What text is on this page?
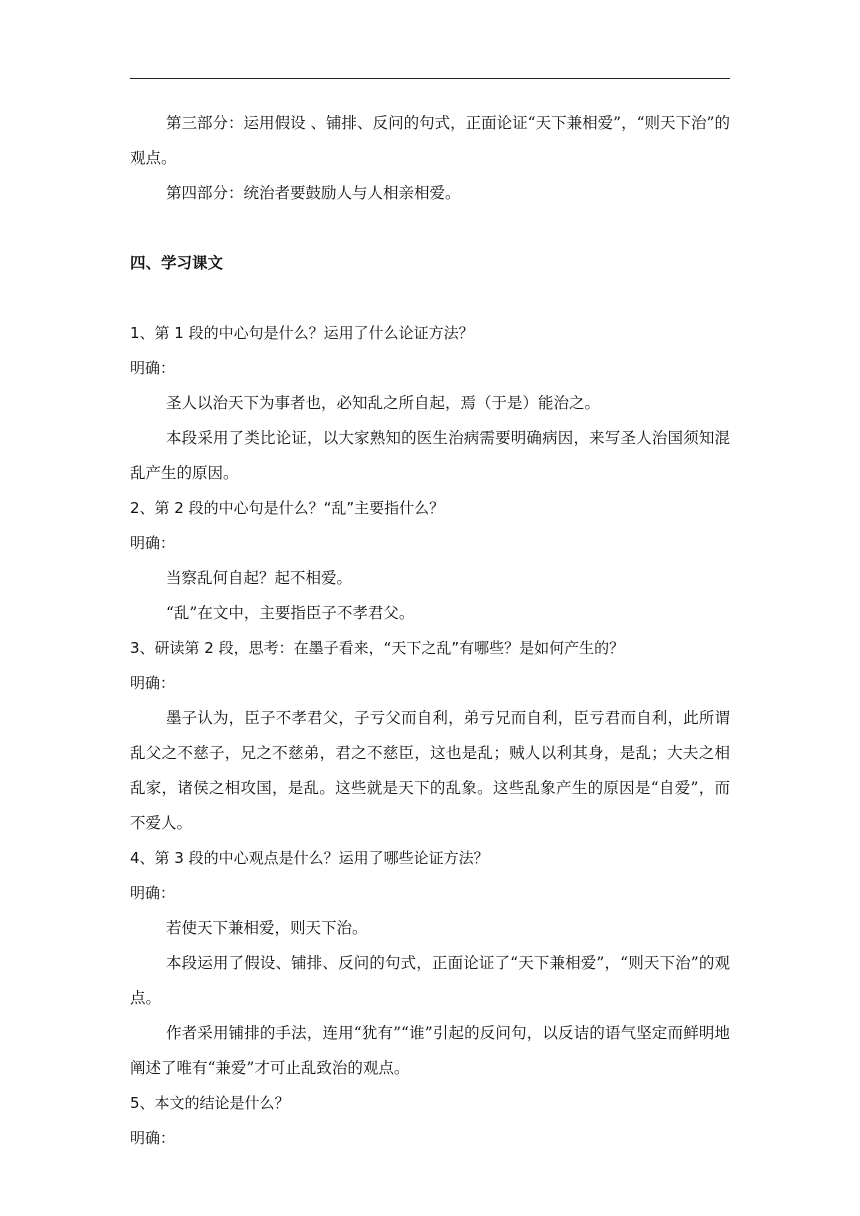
第三部分：运用假设 、铺排、反问的句式，正面论证“天下兼相爱”，“则天下治”的观点。

第四部分：统治者要鼓励人与人相亲相爱。

四、学习课文
1、第 1 段的中心句是什么？运用了什么论证方法？
明确：

圣人以治天下为事者也，必知乱之所自起，焉（于是）能治之。

本段采用了类比论证，以大家熟知的医生治病需要明确病因，来写圣人治国须知混乱产生的原因。

2、第 2 段的中心句是什么？“乱”主要指什么？
明确：

当察乱何自起？起不相爱。

“乱”在文中，主要指臣子不孝君父。

3、研读第 2 段，思考：在墨子看来，“天下之乱”有哪些？是如何产生的？
明确：

墨子认为，臣子不孝君父，子亏父而自利，弟亏兄而自利，臣亏君而自利，此所谓乱父之不慈子，兄之不慈弟，君之不慈臣，这也是乱；贼人以利其身，是乱；大夫之相乱家，诸侯之相攻国，是乱。这些就是天下的乱象。这些乱象产生的原因是“自爱”，而不爱人。

4、第 3 段的中心观点是什么？运用了哪些论证方法？
明确：

若使天下兼相爱，则天下治。

本段运用了假设、铺排、反问的句式，正面论证了“天下兼相爱”，“则天下治”的观点。

作者采用铺排的手法，连用“犹有”“谁”引起的反问句，以反诘的语气坚定而鲜明地阐述了唯有“兼爱”才可止乱致治的观点。

5、本文的结论是什么？
明确：
